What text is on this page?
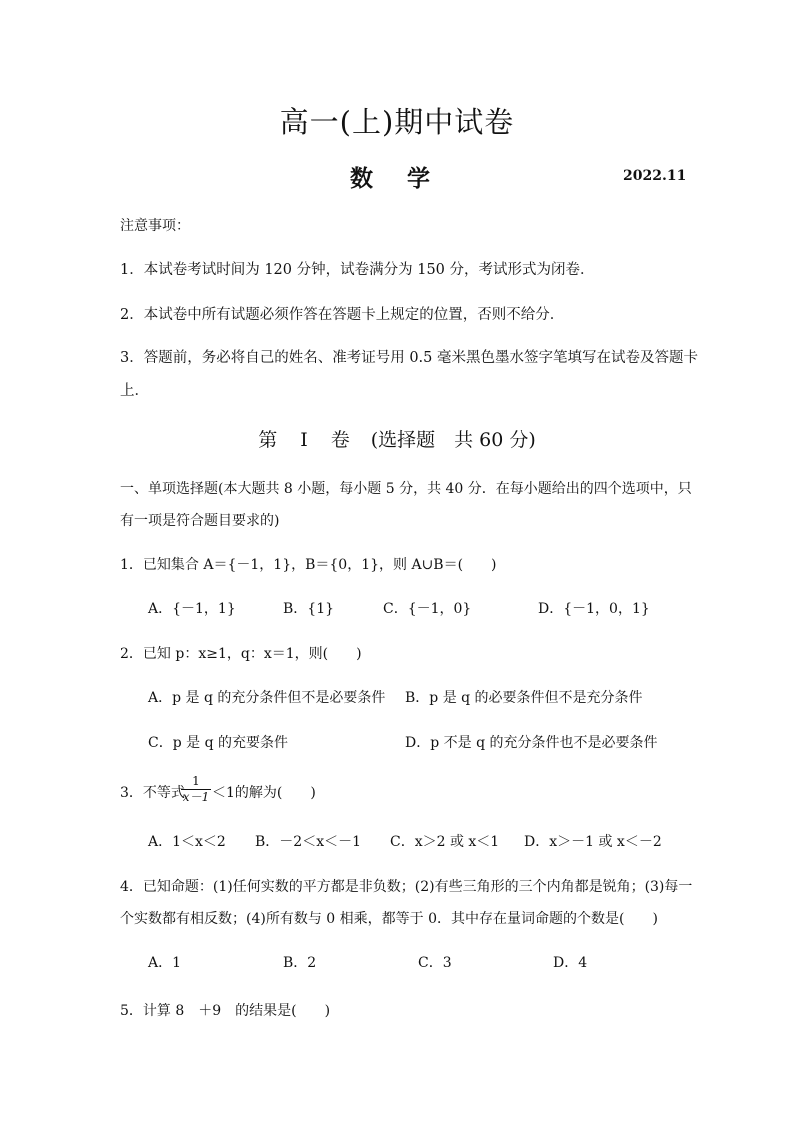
高一(上)期中试卷
数学	2022.11
注意事项：
1．本试卷考试时间为 120 分钟，试卷满分为 150 分，考试形式为闭卷．
2．本试卷中所有试题必须作答在答题卡上规定的位置，否则不给分．
3．答题前，务必将自己的姓名、准考证号用 0.5 毫米黑色墨水签字笔填写在试卷及答题卡
上．
第　I　卷　 (选择题　共 60 分)
一、单项选择题(本大题共 8 小题，每小题 5 分，共 40 分．在每小题给出的四个选项中，只
有一项是符合题目要求的)
1．已知集合 A＝{－1，1}，B＝{0，1}，则 A∪B＝(　　)
A．{－1，1}	B．{1}	C．{－1，0}	D．{－1，0，1}
2．已知 p：x≥1，q：x＝1，则(　　)
A．p 是 q 的充分条件但不是必要条件 B．p 是 q 的必要条件但不是充分条件
C．p 是 q 的充要条件	D．p 不是 q 的充分条件也不是必要条件
3．不等式
1
x－1 ＜1的解为(　　)
A．1＜x＜2 B．－2＜x＜－1 C．x＞2 或 x＜1 D．x＞－1 或 x＜－2
4．已知命题：(1)任何实数的平方都是非负数；(2)有些三角形的三个内角都是锐角；(3)每一
个实数都有相反数；(4)所有数与 0 相乘，都等于 0．其中存在量词命题的个数是(　　)
A．1	B．2	C．3	D．4
5．计算 8　＋9　的结果是(　　)
